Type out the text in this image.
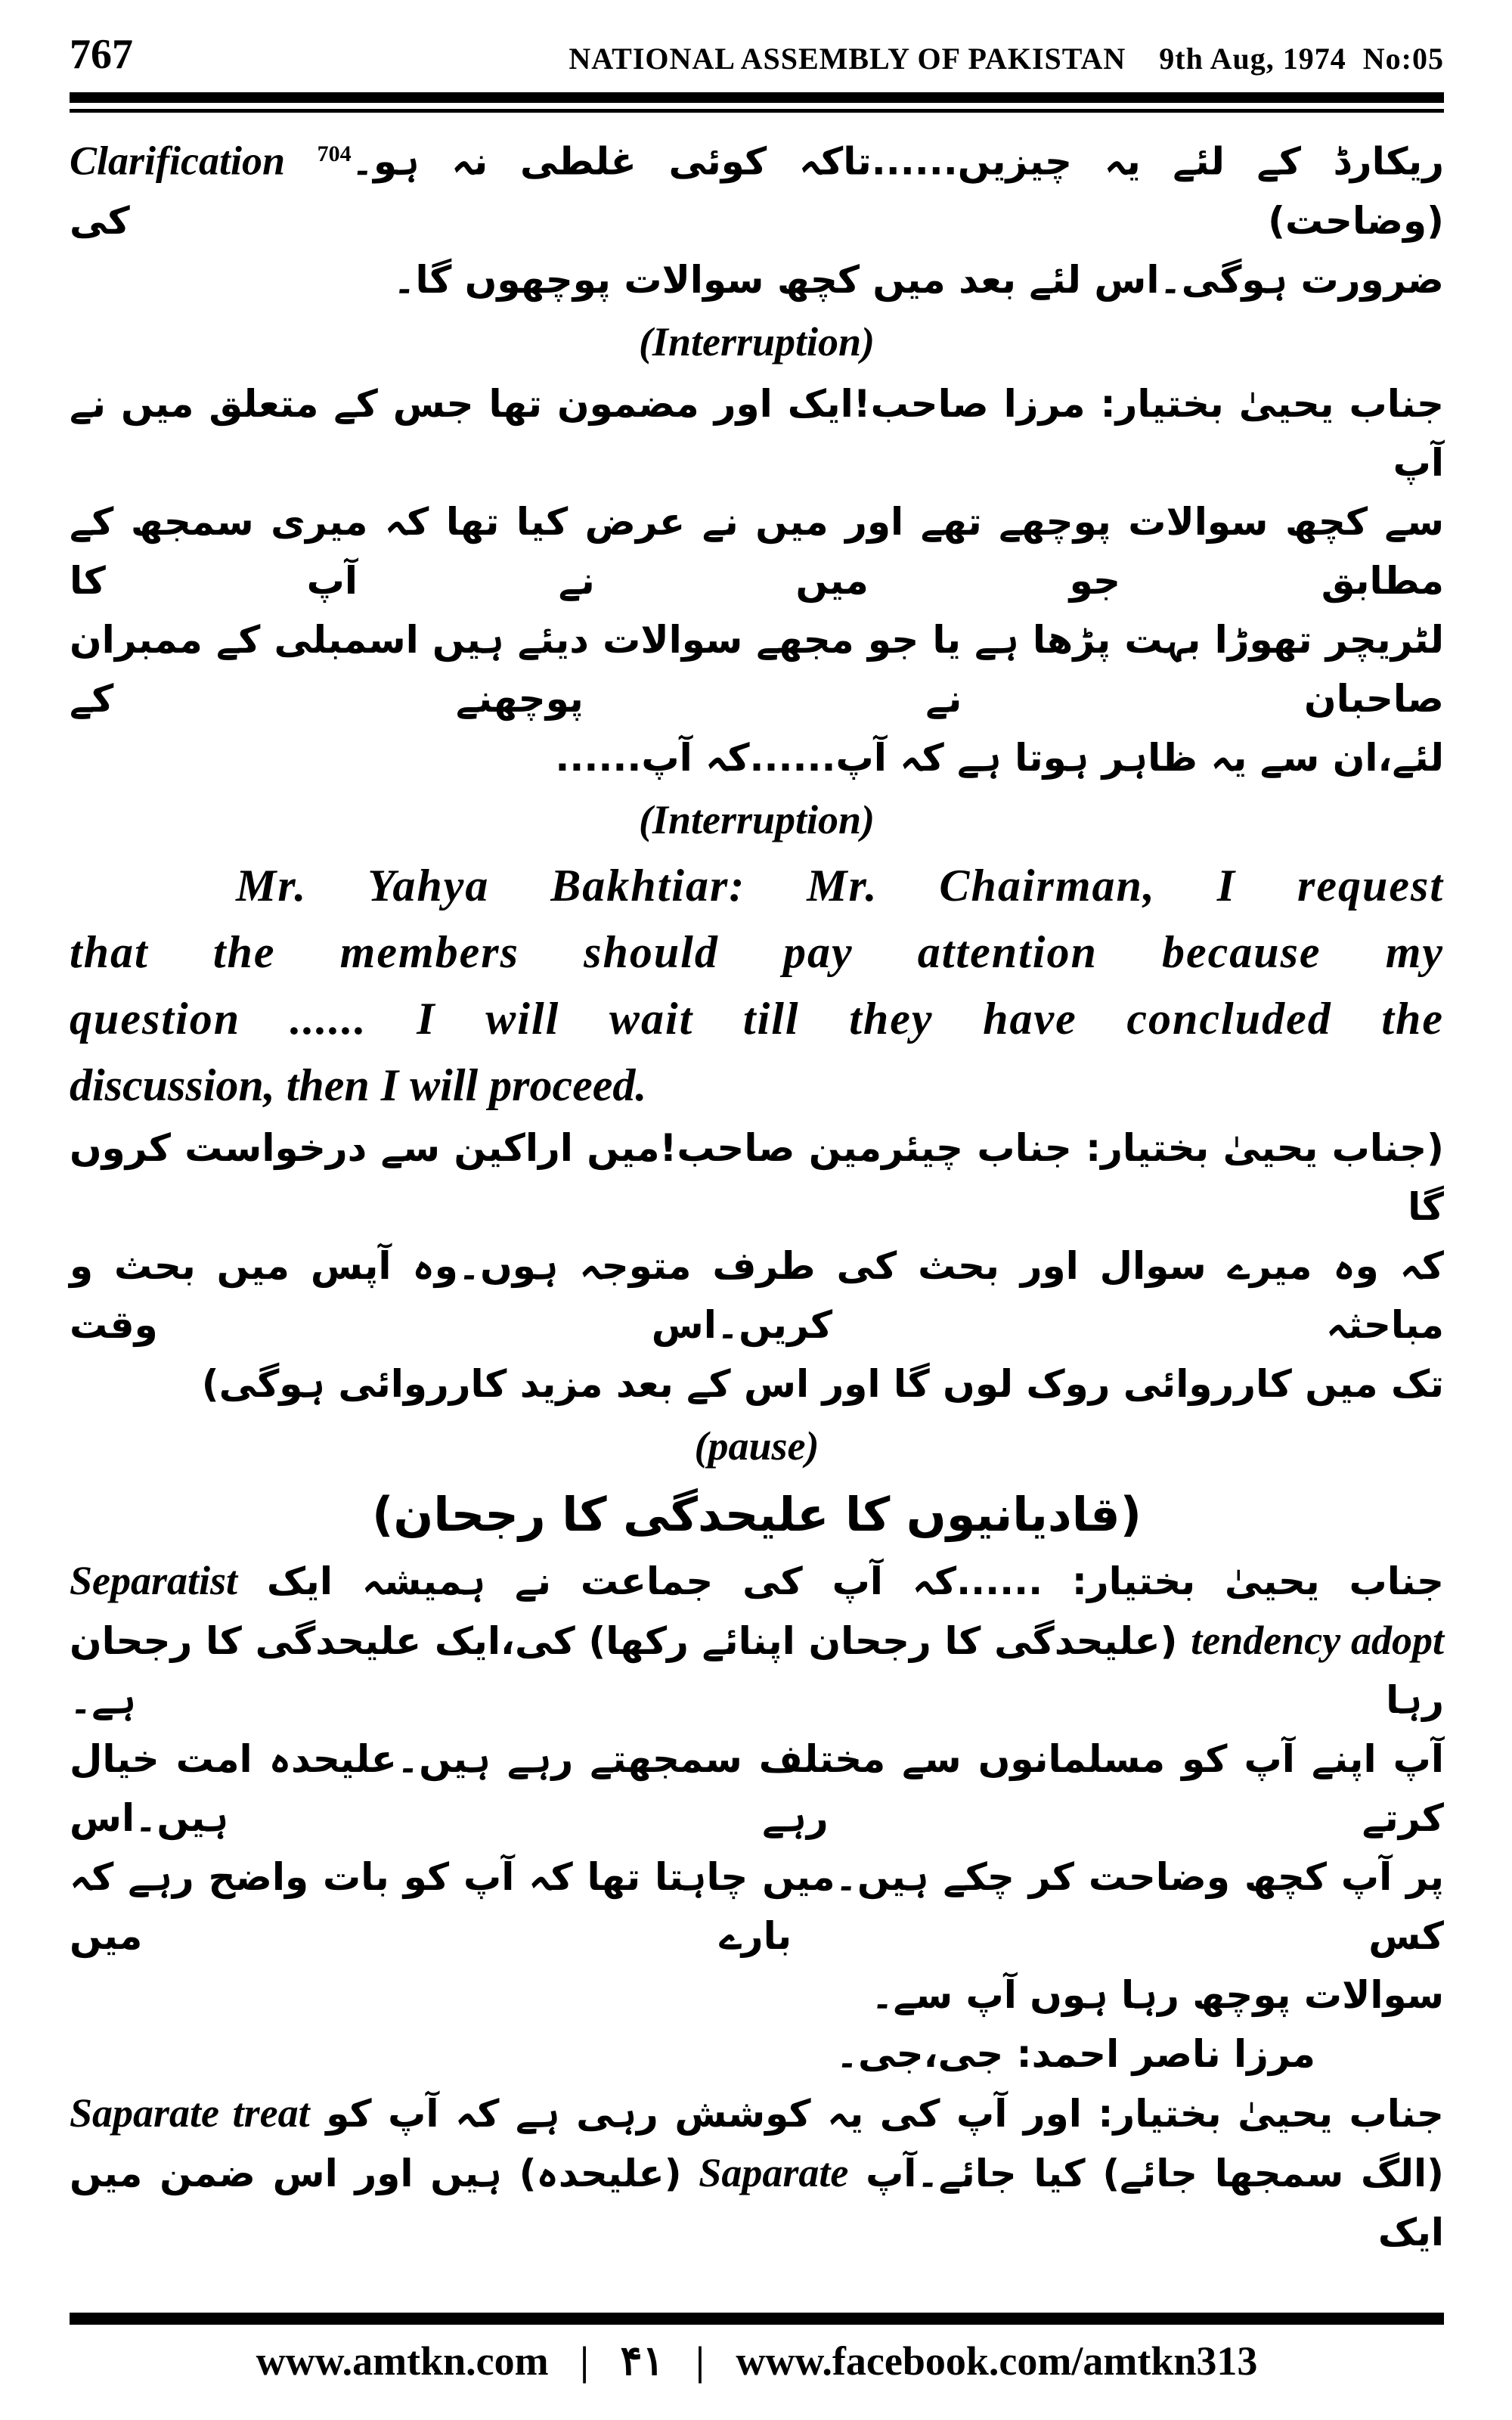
767	NATIONAL ASSEMBLY OF PAKISTAN    9th Aug, 1974  No:05
ریکارڈ کے لئے یہ چیزیں......تاکہ کوئی غلطی نہ ہو۔$^{704}$ Clarification (وضاحت) کی
ضرورت ہوگی۔اس لئے بعد میں کچھ سوالات پوچھوں گا۔
(Interruption)
جناب یحییٰ بختیار: مرزا صاحب!ایک اور مضمون تھا جس کے متعلق میں نے آپ
سے کچھ سوالات پوچھے تھے اور میں نے عرض کیا تھا کہ میری سمجھ کے مطابق جو میں نے آپ کا
لٹریچر تھوڑا بہت پڑھا ہے یا جو مجھے سوالات دیئے ہیں اسمبلی کے ممبران صاحبان نے پوچھنے کے
لئے،ان سے یہ ظاہر ہوتا ہے کہ آپ......کہ آپ......
(Interruption)
Mr. Yahya Bakhtiar: Mr. Chairman, I request
that the members should pay attention because my
question ...... I will wait till they have concluded the
discussion, then I will proceed.
(جناب یحییٰ بختیار: جناب چیئرمین صاحب!میں اراکین سے درخواست کروں گا
کہ وہ میرے سوال اور بحث کی طرف متوجہ ہوں۔وہ آپس میں بحث و مباحثہ کریں۔اس وقت
تک میں کارروائی روک لوں گا اور اس کے بعد مزید کارروائی ہوگی)
(pause)
(قادیانیوں کا علیحدگی کا رجحان)
جناب یحییٰ بختیار: ......کہ آپ کی جماعت نے ہمیشہ ایک Separatist
tendency adopt (علیحدگی کا رجحان اپنائے رکھا) کی،ایک علیحدگی کا رجحان رہا ہے۔
آپ اپنے آپ کو مسلمانوں سے مختلف سمجھتے رہے ہیں۔علیحدہ امت خیال کرتے رہے ہیں۔اس
پر آپ کچھ وضاحت کر چکے ہیں۔میں چاہتا تھا کہ آپ کو بات واضح رہے کہ کس بارے میں
سوالات پوچھ رہا ہوں آپ سے۔
مرزا ناصر احمد: جی،جی۔
جناب یحییٰ بختیار: اور آپ کی یہ کوشش رہی ہے کہ آپ کو Saparate treat
(الگ سمجھا جائے) کیا جائے۔آپ Saparate (علیحدہ) ہیں اور اس ضمن میں ایک
www.amtkn.com | ۴۱ | www.facebook.com/amtkn313
